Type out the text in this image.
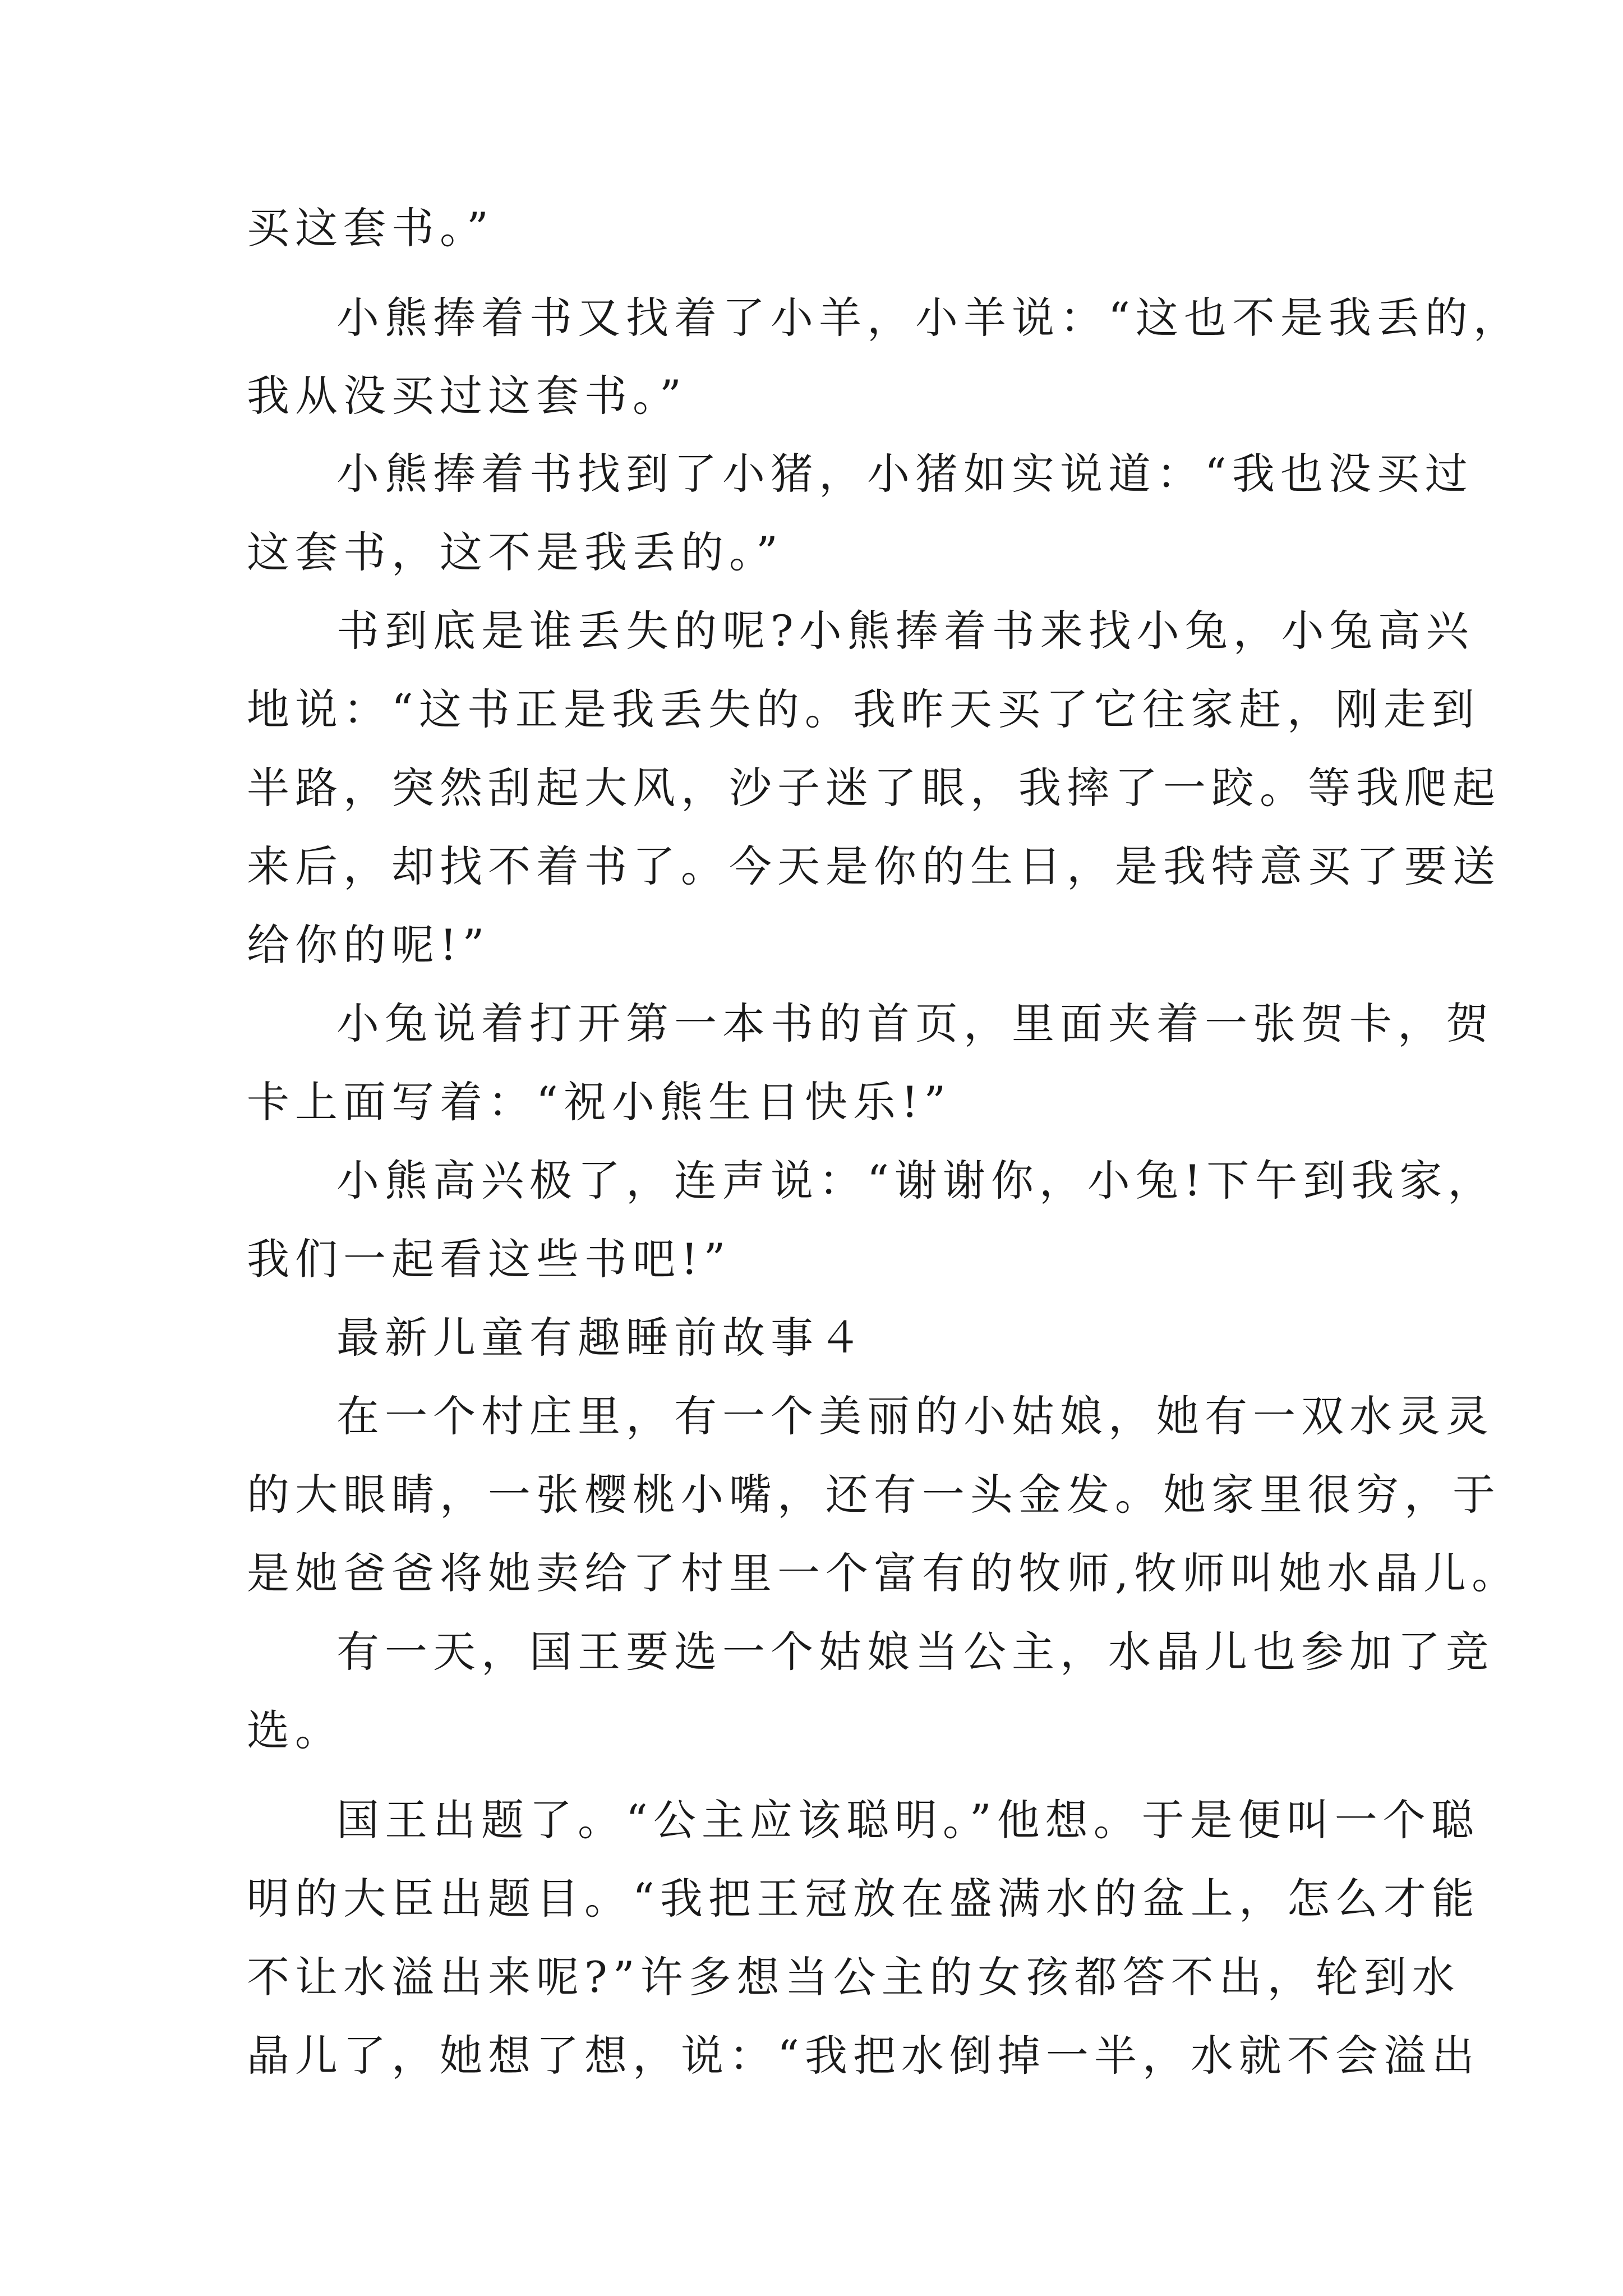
买这套书。”
小熊捧着书又找着了小羊，小羊说：“这也不是我丢的，
我从没买过这套书。”
小熊捧着书找到了小猪，小猪如实说道：“我也没买过
这套书，这不是我丢的。”
书到底是谁丢失的呢?小熊捧着书来找小兔，小兔高兴
地说：“这书正是我丢失的。我昨天买了它往家赶，刚走到
半路，突然刮起大风，沙子迷了眼，我摔了一跤。等我爬起
来后，却找不着书了。今天是你的生日，是我特意买了要送
给你的呢!”
小兔说着打开第一本书的首页，里面夹着一张贺卡，贺
卡上面写着：“祝小熊生日快乐!”
小熊高兴极了，连声说：“谢谢你，小兔!下午到我家，
我们一起看这些书吧!”
最新儿童有趣睡前故事４
在一个村庄里，有一个美丽的小姑娘，她有一双水灵灵
的大眼睛，一张樱桃小嘴，还有一头金发。她家里很穷，于
是她爸爸将她卖给了村里一个富有的牧师,牧师叫她水晶儿。
有一天，国王要选一个姑娘当公主，水晶儿也参加了竞
选。
国王出题了。“公主应该聪明。”他想。于是便叫一个聪
明的大臣出题目。“我把王冠放在盛满水的盆上，怎么才能
不让水溢出来呢?”许多想当公主的女孩都答不出，轮到水
晶儿了，她想了想，说：“我把水倒掉一半，水就不会溢出
